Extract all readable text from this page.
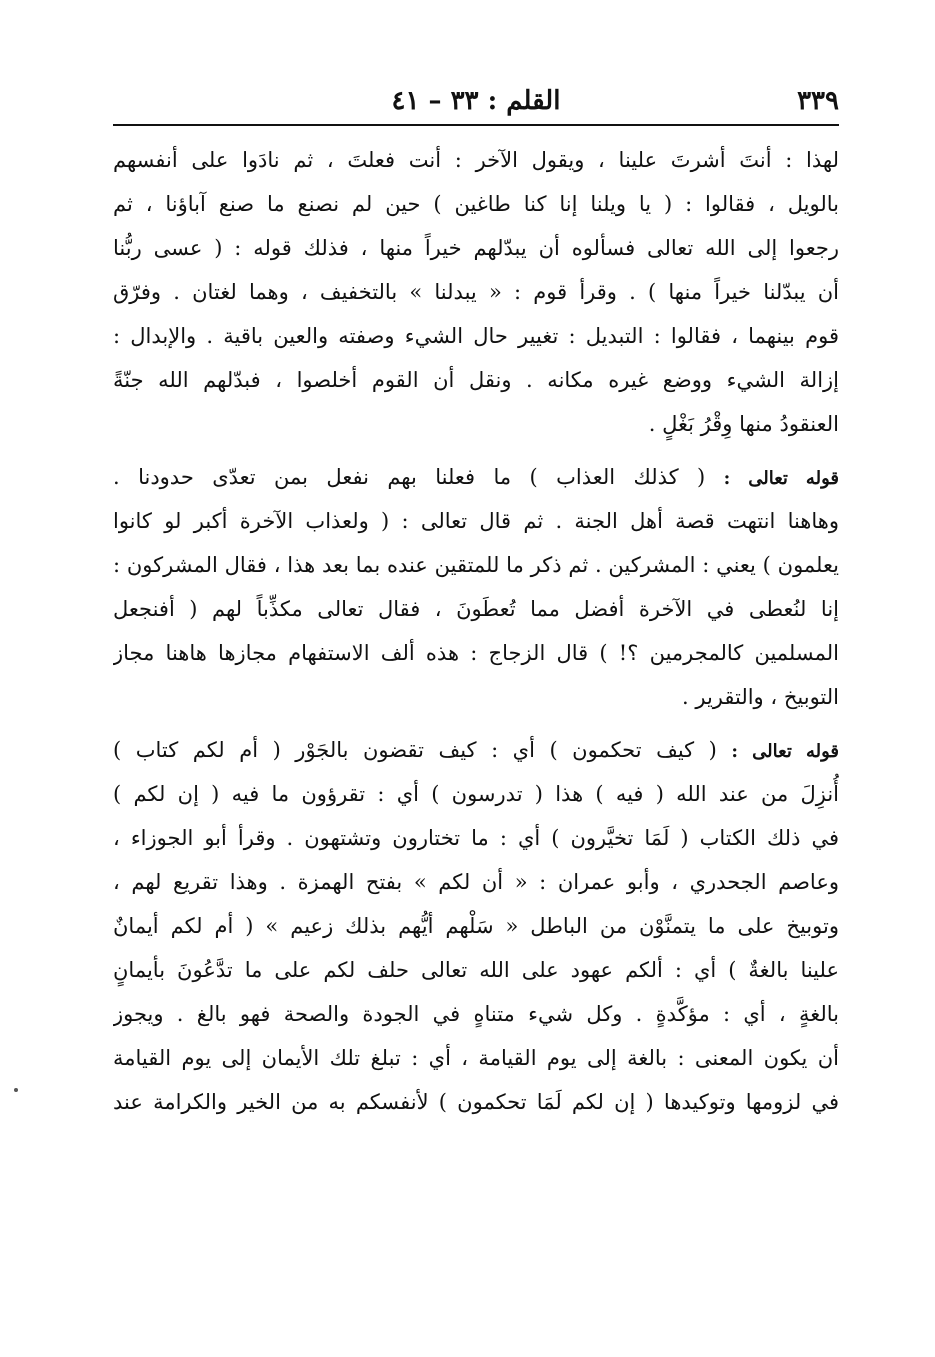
٣٣٩
القلم : ٣٣ – ٤١
لهذا : أنتَ أشرتَ علينا ، ويقول الآخر : أنت فعلتَ ، ثم نادَوا على أنفسهم
بالويل ، فقالوا : ( يا ويلنا إنا كنا طاغين ) حين لم نصنع ما صنع آباؤنا ، ثم
رجعوا إلى الله تعالى فسألوه أن يبدّلهم خيراً منها ، فذلك قوله : ( عسى ربُّنا
أن يبدّلنا خيراً منها ) . وقرأ قوم : « يبدلنا » بالتخفيف ، وهما لغتان . وفرّق
قوم بينهما ، فقالوا : التبديل : تغيير حال الشيء وصفته والعين باقية . والإبدال :
إزالة الشيء ووضع غيره مكانه . ونقل أن القوم أخلصوا ، فبدّلهم الله جنّةً
العنقودُ منها وِقْرُ بَغْلٍ .
قوله تعالى : ( كذلك العذاب ) ما فعلنا بهم نفعل بمن تعدّى حدودنا .
وهاهنا انتهت قصة أهل الجنة . ثم قال تعالى : ( ولعذاب الآخرة أكبر لو كانوا
يعلمون ) يعني : المشركين . ثم ذكر ما للمتقين عنده بما بعد هذا ، فقال المشركون :
إنا لنُعطى في الآخرة أفضل مما تُعطَونَ ، فقال تعالى مكذِّباً لهم ( أفنجعل
المسلمين كالمجرمين ؟! ) قال الزجاج : هذه ألف الاستفهام مجازها هاهنا مجاز
التوبيخ ، والتقرير .
قوله تعالى : ( كيف تحكمون ) أي : كيف تقضون بالجَوْر ( أم لكم كتاب )
أُنزِلَ من عند الله ( فيه ) هذا ( تدرسون ) أي : تقرؤون ما فيه ( إن لكم )
في ذلك الكتاب ( لَمَا تخيَّرون ) أي : ما تختارون وتشتهون . وقرأ أبو الجوزاء ،
وعاصم الجحدري ، وأبو عمران : « أن لكم » بفتح الهمزة . وهذا تقريع لهم ،
وتوبيخ على ما يتمنَّوْن من الباطل « سَلْهم أيُّهم بذلك زعيم » ( أم لكم أيمانٌ
علينا بالغةٌ ) أي : ألكم عهود على الله تعالى حلف لكم على ما تدَّعُونَ بأيمانٍ
بالغةٍ ، أي : مؤكَّدةٍ . وكل شيء متناهٍ في الجودة والصحة فهو بالغ . ويجوز
أن يكون المعنى : بالغة إلى يوم القيامة ، أي : تبلغ تلك الأيمان إلى يوم القيامة
في لزومها وتوكيدها ( إن لكم لَمَا تحكمون ) لأنفسكم به من الخير والكرامة عند
